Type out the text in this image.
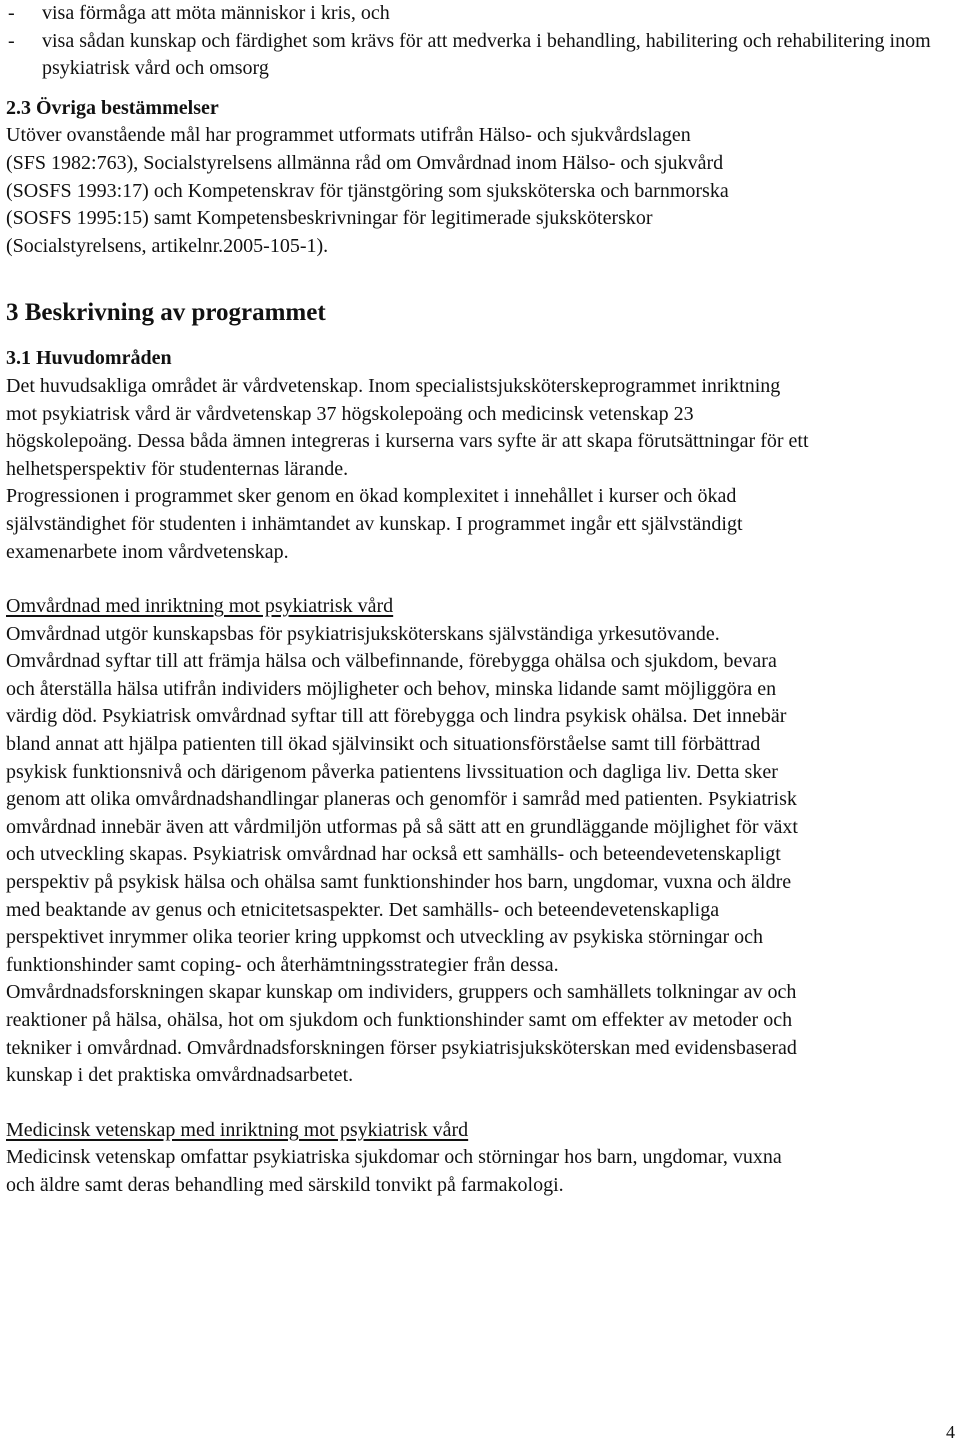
-	visa förmåga att möta människor i kris, och
-	visa sådan kunskap och färdighet som krävs för att medverka i behandling, habilitering och rehabilitering inom psykiatrisk vård och omsorg
2.3 Övriga bestämmelser

Utöver ovanstående mål har programmet utformats utifrån Hälso- och sjukvårdslagen
(SFS 1982:763), Socialstyrelsens allmänna råd om Omvårdnad inom Hälso- och sjukvård
(SOSFS 1993:17) och Kompetenskrav för tjänstgöring som sjuksköterska och barnmorska
(SOSFS 1995:15) samt Kompetensbeskrivningar för legitimerade sjuksköterskor
(Socialstyrelsens, artikelnr.2005-105-1).

3 Beskrivning av programmet
3.1 Huvudområden

Det huvudsakliga området är vårdvetenskap. Inom specialistsjuksköterskeprogrammet inriktning
mot psykiatrisk vård är vårdvetenskap 37 högskolepoäng och medicinsk vetenskap 23
högskolepoäng. Dessa båda ämnen integreras i kurserna vars syfte är att skapa förutsättningar för ett
helhetsperspektiv för studenternas lärande.

Progressionen i programmet sker genom en ökad komplexitet i innehållet i kurser och ökad
självständighet för studenten i inhämtandet av kunskap. I programmet ingår ett självständigt
examenarbete inom vårdvetenskap.

Omvårdnad med inriktning mot psykiatrisk vård

Omvårdnad utgör kunskapsbas för psykiatrisjuksköterskans självständiga yrkesutövande.
Omvårdnad syftar till att främja hälsa och välbefinnande, förebygga ohälsa och sjukdom, bevara
och återställa hälsa utifrån individers möjligheter och behov, minska lidande samt möjliggöra en
värdig död. Psykiatrisk omvårdnad syftar till att förebygga och lindra psykisk ohälsa. Det innebär
bland annat att hjälpa patienten till ökad självinsikt och situationsförståelse samt till förbättrad
psykisk funktionsnivå och därigenom påverka patientens livssituation och dagliga liv. Detta sker
genom att olika omvårdnadshandlingar planeras och genomför i samråd med patienten. Psykiatrisk
omvårdnad innebär även att vårdmiljön utformas på så sätt att en grundläggande möjlighet för växt
och utveckling skapas. Psykiatrisk omvårdnad har också ett samhälls- och beteendevetenskapligt
perspektiv på psykisk hälsa och ohälsa samt funktionshinder hos barn, ungdomar, vuxna och äldre
med beaktande av genus och etnicitetsaspekter. Det samhälls- och beteendevetenskapliga
perspektivet inrymmer olika teorier kring uppkomst och utveckling av psykiska störningar och
funktionshinder samt coping- och återhämtningsstrategier från dessa.

Omvårdnadsforskningen skapar kunskap om individers, gruppers och samhällets tolkningar av och
reaktioner på hälsa, ohälsa, hot om sjukdom och funktionshinder samt om effekter av metoder och
tekniker i omvårdnad. Omvårdnadsforskningen förser psykiatrisjuksköterskan med evidensbaserad
kunskap i det praktiska omvårdnadsarbetet.

Medicinsk vetenskap med inriktning mot psykiatrisk vård

Medicinsk vetenskap omfattar psykiatriska sjukdomar och störningar hos barn, ungdomar, vuxna
och äldre samt deras behandling med särskild tonvikt på farmakologi.

4
